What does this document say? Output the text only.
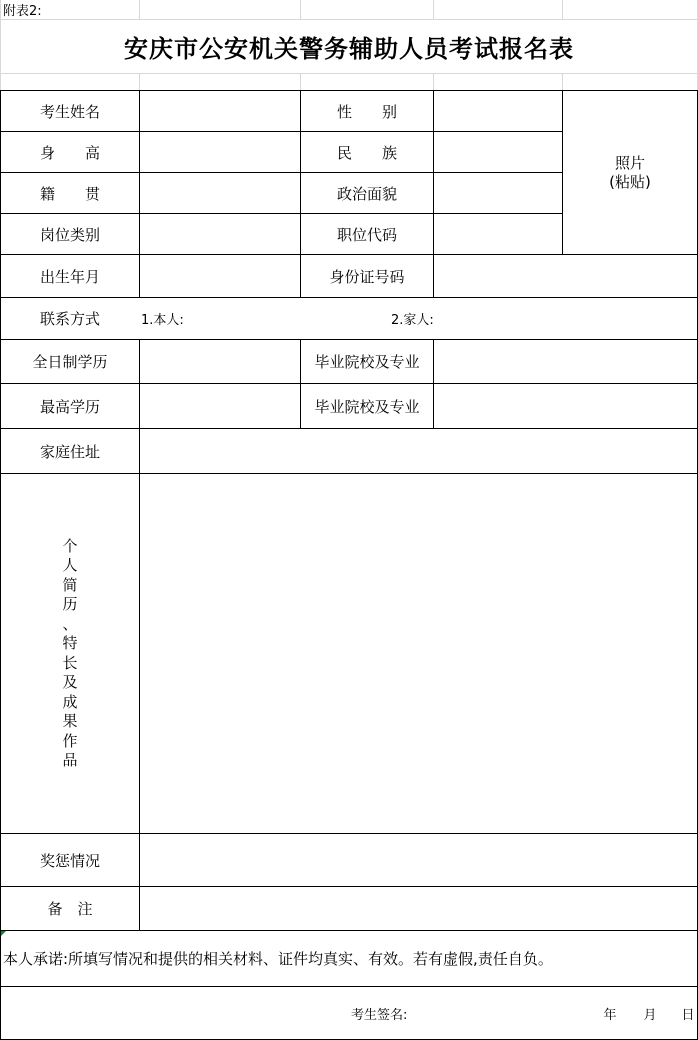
附表2:
安庆市公安机关警务辅助人员考试报名表
考生姓名	性　　别
身　　高	民　　族
籍　　贯	政治面貌
岗位类别	职位代码
照片
(粘贴)
出生年月	身份证号码
联系方式	1.本人:	2.家人:
全日制学历	毕业院校及专业
最高学历	毕业院校及专业
家庭住址
个
人
简
历
、
特
长
及
成
果
作
品
奖惩情况
备　注
本人承诺:所填写情况和提供的相关材料、证件均真实、有效。若有虚假,责任自负。
考生签名:	年 月 日
